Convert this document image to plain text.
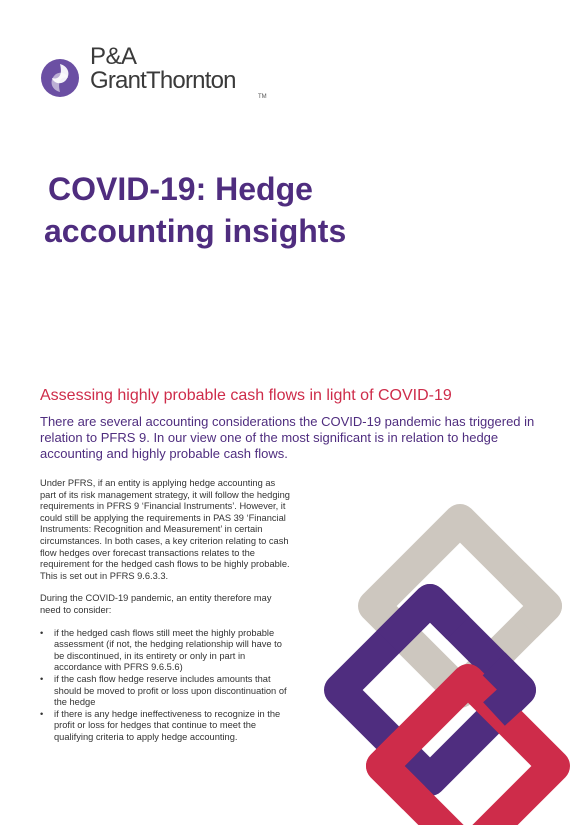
P&A
GrantThornton
TM
COVID-19: Hedge
accounting insights
Assessing highly probable cash flows in light of COVID-19

There are several accounting considerations the COVID-19 pandemic has triggered in relation to PFRS 9. In our view one of the most significant is in relation to hedge accounting and highly probable cash flows.

Under PFRS, if an entity is applying hedge accounting as part of its risk management strategy, it will follow the hedging requirements in PFRS 9 ‘Financial Instruments’. However, it could still be applying the requirements in PAS 39 ‘Financial Instruments: Recognition and Measurement’ in certain circumstances. In both cases, a key criterion relating to cash flow hedges over forecast transactions relates to the requirement for the hedged cash flows to be highly probable. This is set out in PFRS 9.6.3.3.

During the COVID-19 pandemic, an entity therefore may need to consider:

• if the hedged cash flows still meet the highly probable assessment (if not, the hedging relationship will have to be discontinued, in its entirety or only in part in accordance with PFRS 9.6.5.6)
• if the cash flow hedge reserve includes amounts that should be moved to profit or loss upon discontinuation of the hedge
• if there is any hedge ineffectiveness to recognize in the profit or loss for hedges that continue to meet the qualifying criteria to apply hedge accounting.
